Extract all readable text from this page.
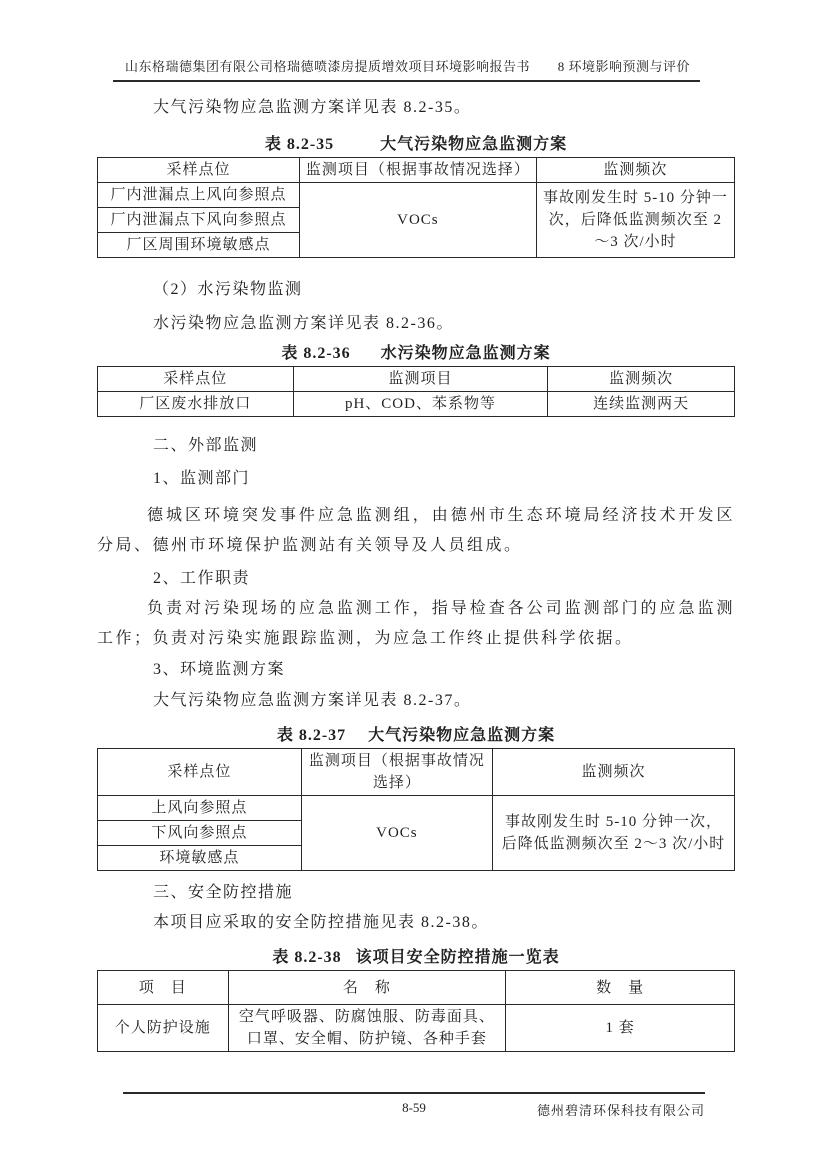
山东格瑞德集团有限公司格瑞德喷漆房提质增效项目环境影响报告书 8 环境影响预测与评价

大气污染物应急监测方案详见表 8.2-35。

表 8.2-35	大气污染物应急监测方案
采样点位	监测项目（根据事故情况选择）	监测频次
厂内泄漏点上风向参照点	VOCs	事故刚发生时 5-10 分钟一次，后降低监测频次至 2～3 次/小时
厂内泄漏点下风向参照点		
厂区周围环境敏感点		

（2）水污染物监测

水污染物应急监测方案详见表 8.2-36。

表 8.2-36 水污染物应急监测方案
采样点位	监测项目	监测频次
厂区废水排放口	pH、COD、苯系物等	连续监测两天

二、外部监测

1、监测部门

德城区环境突发事件应急监测组，由德州市生态环境局经济技术开发区分局、德州市环境保护监测站有关领导及人员组成。

2、工作职责

负责对污染现场的应急监测工作，指导检查各公司监测部门的应急监测工作；负责对污染实施跟踪监测，为应急工作终止提供科学依据。

3、环境监测方案

大气污染物应急监测方案详见表 8.2-37。

表 8.2-37 大气污染物应急监测方案
采样点位	监测项目（根据事故情况选择）	监测频次
上风向参照点	VOCs	事故刚发生时 5-10 分钟一次，后降低监测频次至 2～3 次/小时
下风向参照点		
环境敏感点		

三、安全防控措施

本项目应采取的安全防控措施见表 8.2-38。

表 8.2-38 该项目安全防控措施一览表
项　目	名　称	数　量
个人防护设施	空气呼吸器、防腐蚀服、防毒面具、口罩、安全帽、防护镜、各种手套	1 套
8-59	德州碧清环保科技有限公司
